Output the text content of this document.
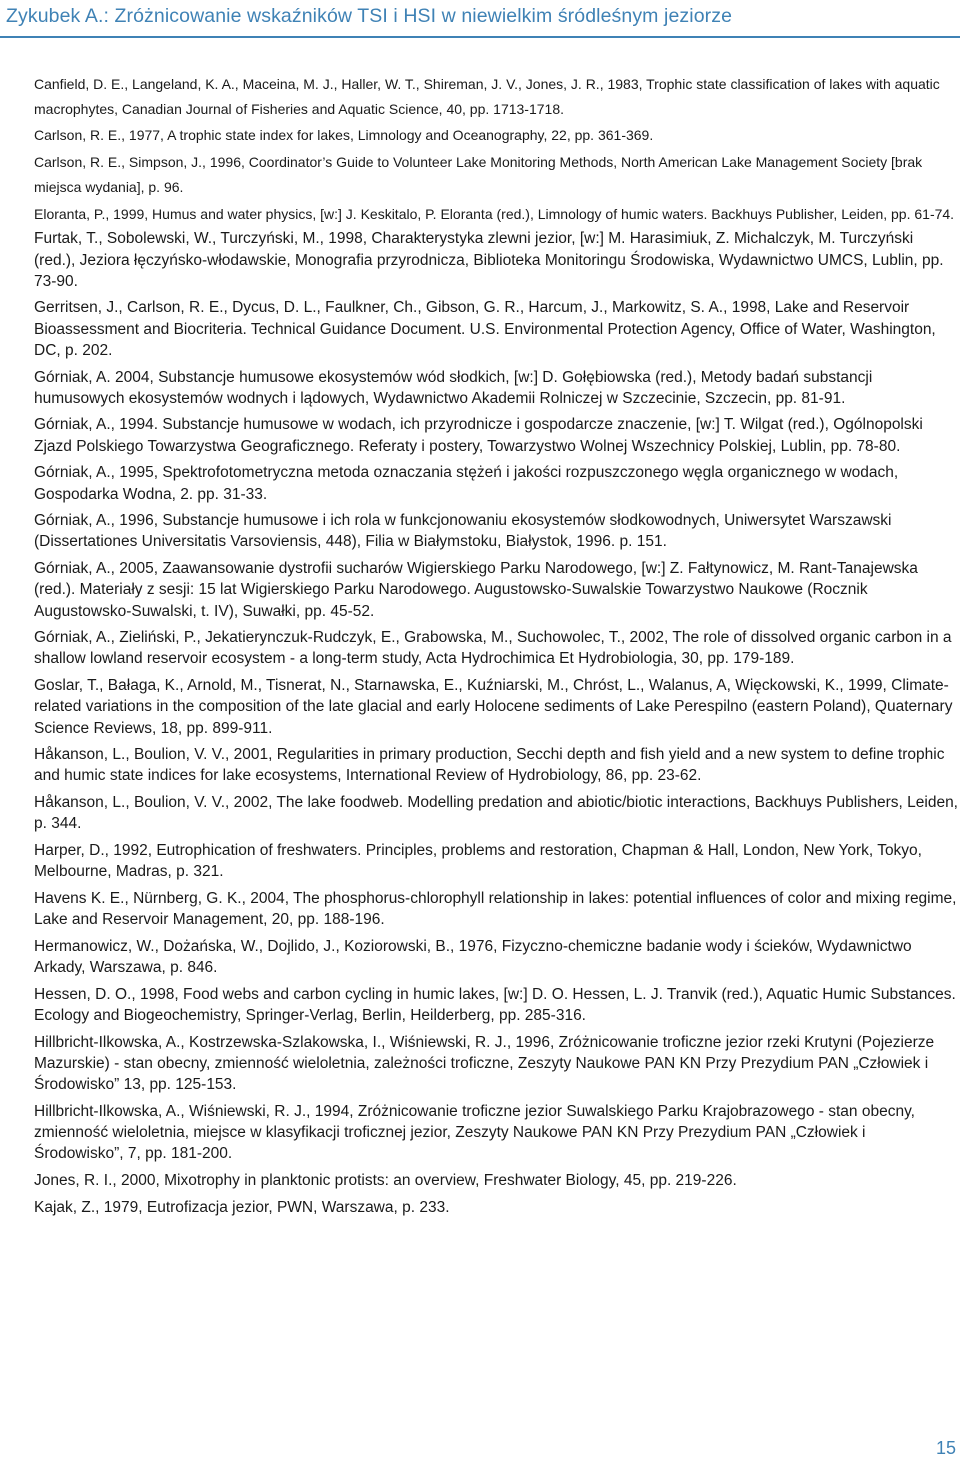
Zykubek A.: Zróżnicowanie wskaźników TSI i HSI w niewielkim śródleśnym jeziorze

Canfield, D. E., Langeland, K. A., Maceina, M. J., Haller, W. T., Shireman, J. V., Jones, J. R., 1983, Trophic state classification of lakes with aquatic macrophytes, Canadian Journal of Fisheries and Aquatic Science, 40, pp. 1713-1718.

Carlson, R. E., 1977, A trophic state index for lakes, Limnology and Oceanography, 22, pp. 361-369.

Carlson, R. E., Simpson, J., 1996, Coordinator’s Guide to Volunteer Lake Monitoring Methods, North American Lake Management Society [brak miejsca wydania], p. 96.

Eloranta, P., 1999, Humus and water physics, [w:] J. Keskitalo, P. Eloranta (red.), Limnology of humic waters. Backhuys Publisher, Leiden, pp. 61-74.

Furtak, T., Sobolewski, W., Turczyński, M., 1998, Charakterystyka zlewni jezior, [w:] M. Harasimiuk, Z. Michalczyk, M. Turczyński (red.), Jeziora łęczyńsko-włodawskie, Monografia przyrodnicza, Biblioteka Monitoringu Środowiska, Wydawnictwo UMCS, Lublin, pp. 73-90.

Gerritsen, J., Carlson, R. E., Dycus, D. L., Faulkner, Ch., Gibson, G. R., Harcum, J., Markowitz, S. A., 1998, Lake and Reservoir Bioassessment and Biocriteria. Technical Guidance Document. U.S. Environmental Protection Agency, Office of Water, Washington, DC, p. 202.

Górniak, A. 2004, Substancje humusowe ekosystemów wód słodkich, [w:] D. Gołębiowska (red.), Metody badań substancji humusowych ekosystemów wodnych i lądowych, Wydawnictwo Akademii Rolniczej w Szczecinie, Szczecin, pp. 81-91.

Górniak, A., 1994. Substancje humusowe w wodach, ich przyrodnicze i gospodarcze znaczenie, [w:] T. Wilgat (red.), Ogólnopolski Zjazd Polskiego Towarzystwa Geograficznego. Referaty i postery, Towarzystwo Wolnej Wszechnicy Polskiej, Lublin, pp. 78-80.

Górniak, A., 1995, Spektrofotometryczna metoda oznaczania stężeń i jakości rozpuszczonego węgla organicznego w wodach, Gospodarka Wodna, 2. pp. 31-33.

Górniak, A., 1996, Substancje humusowe i ich rola w funkcjonowaniu ekosystemów słodkowodnych, Uniwersytet Warszawski (Dissertationes Universitatis Varsoviensis, 448), Filia w Białymstoku, Białystok, 1996. p. 151.

Górniak, A., 2005, Zaawansowanie dystrofii sucharów Wigierskiego Parku Narodowego, [w:] Z. Fałtynowicz, M. Rant-Tanajewska (red.). Materiały z sesji: 15 lat Wigierskiego Parku Narodowego. Augustowsko-Suwalskie Towarzystwo Naukowe (Rocznik Augustowsko-Suwalski, t. IV), Suwałki, pp. 45-52.

Górniak, A., Zieliński, P., Jekatierynczuk-Rudczyk, E., Grabowska, M., Suchowolec, T., 2002, The role of dissolved organic carbon in a shallow lowland reservoir ecosystem - a long-term study, Acta Hydrochimica Et Hydrobiologia, 30, pp. 179-189.

Goslar, T., Bałaga, K., Arnold, M., Tisnerat, N., Starnawska, E., Kuźniarski, M., Chróst, L., Walanus, A, Więckowski, K., 1999, Climate-related variations in the composition of the late glacial and early Holocene sediments of Lake Perespilno (eastern Poland), Quaternary Science Reviews, 18, pp. 899-911.

Håkanson, L., Boulion, V. V., 2001, Regularities in primary production, Secchi depth and fish yield and a new system to define trophic and humic state indices for lake ecosystems, International Review of Hydrobiology, 86, pp. 23-62.

Håkanson, L., Boulion, V. V., 2002, The lake foodweb. Modelling predation and abiotic/biotic interactions, Backhuys Publishers, Leiden, p. 344.

Harper, D., 1992, Eutrophication of freshwaters. Principles, problems and restoration, Chapman & Hall, London, New York, Tokyo, Melbourne, Madras, p. 321.

Havens K. E., Nürnberg, G. K., 2004, The phosphorus-chlorophyll relationship in lakes: potential influences of color and mixing regime, Lake and Reservoir Management, 20, pp. 188-196.

Hermanowicz, W., Dożańska, W., Dojlido, J., Koziorowski, B., 1976, Fizyczno-chemiczne badanie wody i ścieków, Wydawnictwo Arkady, Warszawa, p. 846.

Hessen, D. O., 1998, Food webs and carbon cycling in humic lakes, [w:] D. O. Hessen, L. J. Tranvik (red.), Aquatic Humic Substances. Ecology and Biogeochemistry, Springer-Verlag, Berlin, Heilderberg, pp. 285-316.

Hillbricht-Ilkowska, A., Kostrzewska-Szlakowska, I., Wiśniewski, R. J., 1996, Zróżnicowanie troficzne jezior rzeki Krutyni (Pojezierze Mazurskie) - stan obecny, zmienność wieloletnia, zależności troficzne, Zeszyty Naukowe PAN KN Przy Prezydium PAN „Człowiek i Środowisko” 13, pp. 125-153.

Hillbricht-Ilkowska, A., Wiśniewski, R. J., 1994, Zróżnicowanie troficzne jezior Suwalskiego Parku Krajobrazowego - stan obecny, zmienność wieloletnia, miejsce w klasyfikacji troficznej jezior, Zeszyty Naukowe PAN KN Przy Prezydium PAN „Człowiek i Środowisko”, 7, pp. 181-200.

Jones, R. I., 2000, Mixotrophy in planktonic protists: an overview, Freshwater Biology, 45, pp. 219-226.

Kajak, Z., 1979, Eutrofizacja jezior, PWN, Warszawa, p. 233.

15
